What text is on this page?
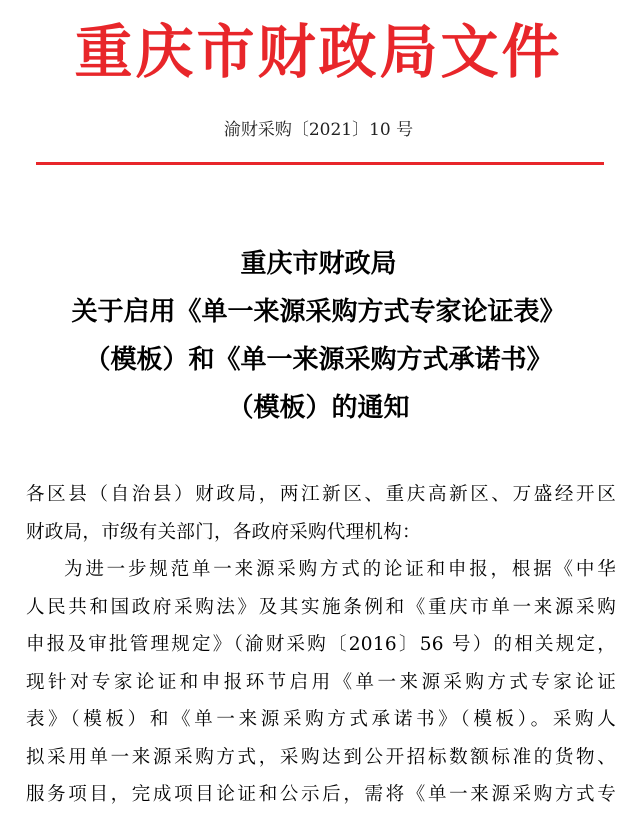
重庆市财政局文件
渝财采购〔2021〕10 号
重庆市财政局
关于启用《单一来源采购方式专家论证表》
（模板）和《单一来源采购方式承诺书》
（模板）的通知
各区县（自治县）财政局，两江新区、重庆高新区、万盛经开区
财政局，市级有关部门，各政府采购代理机构：
为进一步规范单一来源采购方式的论证和申报，根据《中华
人民共和国政府采购法》及其实施条例和《重庆市单一来源采购
申报及审批管理规定》（渝财采购〔2016〕56 号）的相关规定，
现针对专家论证和申报环节启用《单一来源采购方式专家论证
表》（模板）和《单一来源采购方式承诺书》（模板）。采购人
拟采用单一来源采购方式，采购达到公开招标数额标准的货物、
服务项目，完成项目论证和公示后，需将《单一来源采购方式专
